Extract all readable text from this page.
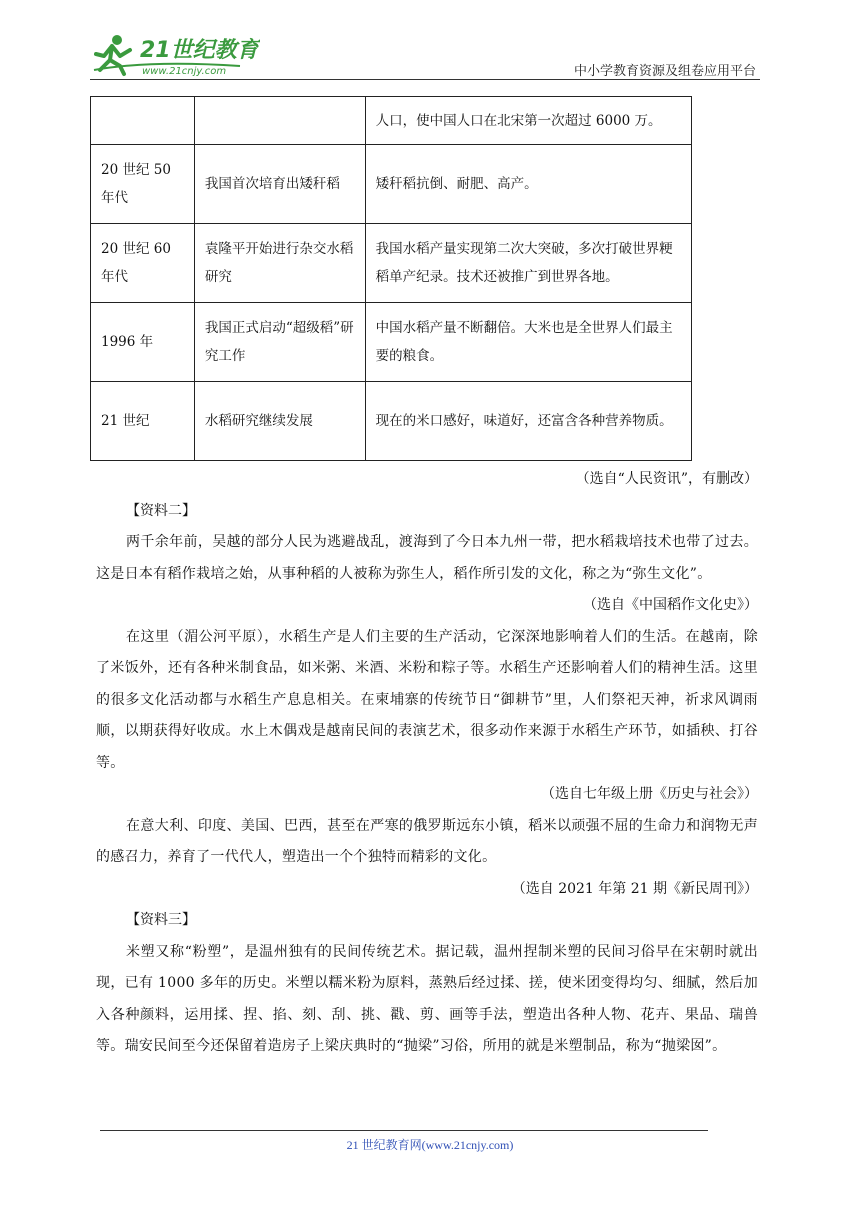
21世纪教育
www.21cnjy.com	中小学教育资源及组卷应用平台
		人口，使中国人口在北宋第一次超过 6000 万。
20 世纪 50 年代	我国首次培育出矮秆稻	矮秆稻抗倒、耐肥、高产。
20 世纪 60 年代	袁隆平开始进行杂交水稻研究	我国水稻产量实现第二次大突破，多次打破世界粳稻单产纪录。技术还被推广到世界各地。
1996 年	我国正式启动“超级稻”研究工作	中国水稻产量不断翻倍。大米也是全世界人们最主要的粮食。
21 世纪	水稻研究继续发展	现在的米口感好，味道好，还富含各种营养物质。
（选自“人民资讯”，有删改）
【资料二】
两千余年前，吴越的部分人民为逃避战乱，渡海到了今日本九州一带，把水稻栽培技术也带了过去。这是日本有稻作栽培之始，从事种稻的人被称为弥生人，稻作所引发的文化，称之为“弥生文化”。
（选自《中国稻作文化史》）
在这里（湄公河平原），水稻生产是人们主要的生产活动，它深深地影响着人们的生活。在越南，除了米饭外，还有各种米制食品，如米粥、米酒、米粉和粽子等。水稻生产还影响着人们的精神生活。这里的很多文化活动都与水稻生产息息相关。在柬埔寨的传统节日“御耕节”里，人们祭祀天神，祈求风调雨顺，以期获得好收成。水上木偶戏是越南民间的表演艺术，很多动作来源于水稻生产环节，如插秧、打谷等。
（选自七年级上册《历史与社会》）
在意大利、印度、美国、巴西，甚至在严寒的俄罗斯远东小镇，稻米以顽强不屈的生命力和润物无声的感召力，养育了一代代人，塑造出一个个独特而精彩的文化。
（选自 2021 年第 21 期《新民周刊》）
【资料三】
米塑又称“粉塑”，是温州独有的民间传统艺术。据记载，温州捏制米塑的民间习俗早在宋朝时就出现，已有 1000 多年的历史。米塑以糯米粉为原料，蒸熟后经过揉、搓，使米团变得均匀、细腻，然后加入各种颜料，运用揉、捏、掐、刻、刮、挑、戳、剪、画等手法，塑造出各种人物、花卉、果品、瑞兽等。瑞安民间至今还保留着造房子上梁庆典时的“抛梁”习俗，所用的就是米塑制品，称为“抛梁囡”。
21 世纪教育网(www.21cnjy.com)
